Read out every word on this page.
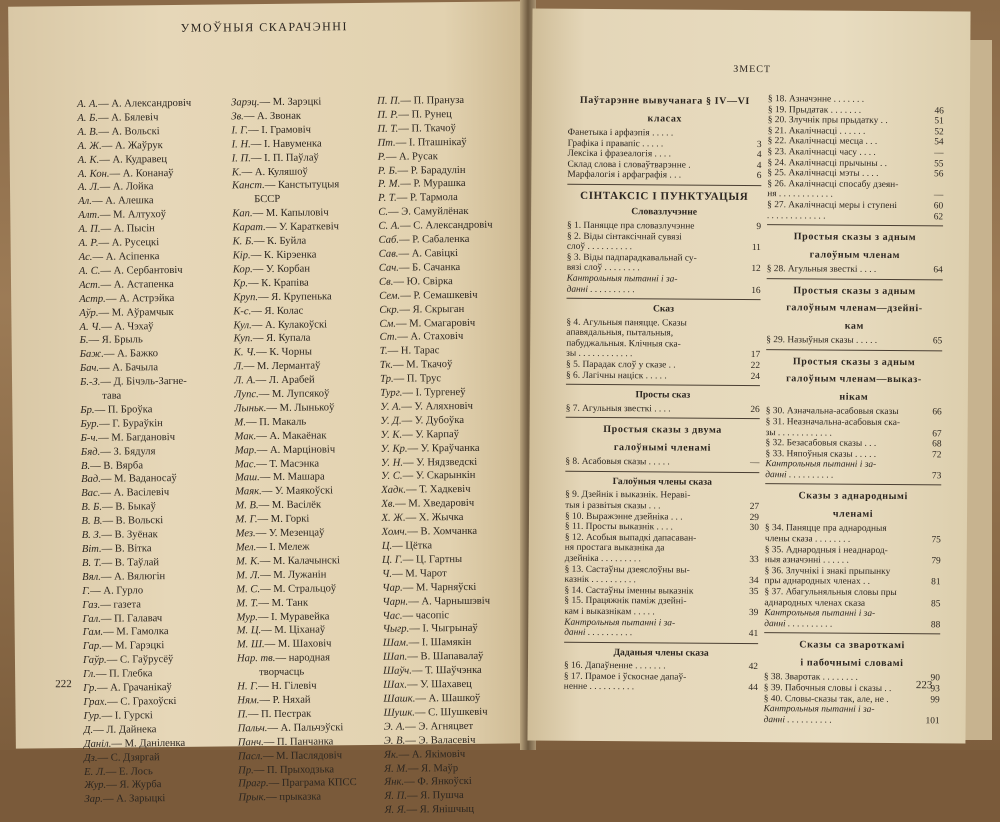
УМОЎНЫЯ СКАРАЧЭННІ
А. А.— А. Александровіч
А. Б.— А. Бялевіч
А. В.— А. Вольскі
А. Ж.— А. Жаўрук
А. К.— А. Кудравец
А. Кон.— А. Конанаў
А. Л.— А. Лойка
Ал.— А. Алешка
Алт.— М. Алтухоў
А. П.— А. Пысін
А. Р.— А. Русецкі
Ас.— А. Асіпенка
А. С.— А. Сербантовіч
Аст.— А. Астапенка
Астр.— А. Астрэйка
Аўр.— М. Аўрамчык
А. Ч.— А. Чэхаў
Б.— Я. Брыль
Баж.— А. Бажко
Бач.— А. Бачыла
Б.-З.— Д. Бічэль-Загне-
тава
Бр.— П. Броўка
Бур.— Г. Бураўкін
Б-ч.— М. Багдановіч
Бяд.— З. Бядуля
В.— В. Вярба
Вад.— М. Ваданосаў
Вас.— А. Васілевіч
В. Б.— В. Быкаў
В. В.— В. Вольскі
В. З.— В. Зуёнак
Віт.— В. Вітка
В. Т.— В. Таўлай
Вял.— А. Вялюгін
Г.— А. Гурло
Газ.— газета
Гал.— П. Галавач
Гам.— М. Гамолка
Гар.— М. Гарэцкі
Гаўр.— С. Гаўрусёў
Гл.— П. Глебка
Гр.— А. Грачанікаў
Грах.— С. Грахоўскі
Гур.— І. Гурскі
Д.— Л. Дайнека
Даніл.— М. Даніленка
Дз.— С. Дзяргай
Е. Л.— Е. Лось
Жур.— Я. Журба
Зар.— А. Зарыцкі
Зарэц.— М. Зарэцкі
Зв.— А. Звонак
І. Г.— І. Грамовіч
І. Н.— І. Навуменка
І. П.— І. П. Паўлаў
К.— А. Куляшоў
Канст.— Канстытуцыя
БССР
Кап.— М. Капыловіч
Карат.— У. Караткевіч
К. Б.— К. Буйла
Кір.— К. Кірэенка
Кор.— У. Корбан
Кр.— К. Крапіва
Круп.— Я. Крупенька
К-с.— Я. Колас
Кул.— А. Кулакоўскі
Куп.— Я. Купала
К. Ч.— К. Чорны
Л.— М. Лермантаў
Л. А.— Л. Арабей
Лупс.— М. Лупсякоў
Лыньк.— М. Лынькоў
М.— П. Макаль
Мак.— А. Макаёнак
Мар.— А. Марціновіч
Мас.— Т. Масэнка
Маш.— М. Машара
Маяк.— У. Маякоўскі
М. В.— М. Васілёк
М. Г.— М. Горкі
Мез.— У. Мезенцаў
Мел.— І. Мележ
М. К.— М. Калачынскі
М. Л.— М. Лужанін
М. С.— М. Стральцоў
М. Т.— М. Танк
Мур.— І. Муравейка
М. Ц.— М. Ціханаў
М. Ш.— М. Шаховіч
Нар. тв.— народная
творчасць
Н. Г.— Н. Гілевіч
Ням.— Р. Няхай
П.— П. Пестрак
Пальч.— А. Пальчэўскі
Панч.— П. Панчанка
Пасл.— М. Паслядовіч
Пр.— П. Прыходзька
Прагр.— Праграма КПСС
Прык.— прыказка
П. П.— П. Прануза
П. Р.— П. Рунец
П. Т.— П. Ткачоў
Пт.— І. Пташнікаў
Р.— А. Русак
Р. Б.— Р. Барадулін
Р. М.— Р. Мурашка
Р. Т.— Р. Тармола
С.— Э. Самуйлёнак
С. А.— С. Александровіч
Саб.— Р. Сабаленка
Сав.— А. Савіцкі
Сач.— Б. Сачанка
Св.— Ю. Свірка
Сем.— Р. Семашкевіч
Скр.— Я. Скрыган
См.— М. Смагаровіч
Ст.— А. Стаховіч
Т.— Н. Тарас
Тк.— М. Ткачоў
Тр.— П. Трус
Тург.— І. Тургенеў
У. А.— У. Аляхновіч
У. Д.— У. Дубоўка
У. К.— У. Карпаў
У. Кр.— У. Краўчанка
У. Н.— У. Нядзведскі
У. С.— У. Скарынкін
Хадк.— Т. Хадкевіч
Хв.— М. Хведаровіч
Х. Ж.— Х. Жычка
Хомч.— В. Хомчанка
Ц.— Цётка
Ц. Г.— Ц. Гартны
Ч.— М. Чарот
Чар.— М. Чарняўскі
Чарн.— А. Чарнышэвіч
Час.— часопіс
Чыгр.— І. Чыгрынаў
Шам.— І. Шамякін
Шап.— В. Шапавалаў
Шаўч.— Т. Шаўчэнка
Шах.— У. Шахавец
Шашк.— А. Шашкоў
Шушк.— С. Шушкевіч
Э. А.— Э. Агняцвет
Э. В.— Э. Валасевіч
Як.— А. Якімовіч
Я. М.— Я. Маўр
Янк.— Ф. Янкоўскі
Я. П.— Я. Пушча
Я. Я.— Я. Янішчыц
222
ЗМЕСТ
Паўтарэнне вывучанага § IV—VI
класах
Фанетыка і арфаэпія . . . . .
Графіка і правапіс . . . . .	3
Лексіка і фразеалогія . . . .	4
Склад слова і словаўтварэнне .	4
Марфалогія і арфаграфія . . .	6
СІНТАКСІС І ПУНКТУАЦЫЯ
Словазлучэнне
§ 1. Паняцце пра словазлучэнне	9
§ 2. Віды сінтаксічнай сувязі
слоў . . . . . . . . . .	11
§ 3. Віды падпарадкавальнай су-
вязі слоў . . . . . . . .	12
Кантрольныя пытанні і за-
данні . . . . . . . . . .	16
Сказ
§ 4. Агульныя паняцце. Сказы
апавядальныя, пытальныя,
пабуджальныя. Клічныя ска-
зы . . . . . . . . . . . .	17
§ 5. Парадак слоў у сказе . .	22
§ 6. Лагічны націск . . . . .	24
Просты сказ
§ 7. Агульныя звесткі . . . .	26
Простыя сказы з двума
галоўнымі членамі
§ 8. Асабовыя сказы . . . . .	—
Галоўныя члены сказа
§ 9. Дзейнік і выказнік. Нераві-
тыя і развітыя сказы . . .	27
§ 10. Выражэнне дзейніка . . .	29
§ 11. Просты выказнік . . . .	30
§ 12. Асобыя выпадкі дапасаван-
ня простага выказніка да
дзейніка . . . . . . . . .	33
§ 13. Састаўны дзеяслоўны вы-
казнік . . . . . . . . . .	34
§ 14. Састаўны іменны выказнік	35
§ 15. Працяжнік паміж дзейні-
кам і выказнікам . . . . .	39
Кантрольныя пытанні і за-
данні . . . . . . . . . .	41
Даданыя члены сказа
§ 16. Дапаўненне . . . . . . .	42
§ 17. Прамое і ўскоснае дапаў-
ненне . . . . . . . . . .	44
§ 18. Азначэнне . . . . . . .
§ 19. Прыдатак . . . . . . .	46
§ 20. Злучнік пры прыдатку . .	51
§ 21. Акалічнасці . . . . . .	52
§ 22. Акалічнасці месца . . .	54
§ 23. Акалічнасці часу . . . .	—
§ 24. Акалічнасці прычыны . .	55
§ 25. Акалічнасці мэты . . . .	56
§ 26. Акалічнасці спосабу дзеян-
ня . . . . . . . . . . . .	—
§ 27. Акалічнасці меры і ступені	60
. . . . . . . . . . . . .	62
Простыя сказы з адным
галоўным членам
§ 28. Агульныя звесткі . . . .	64
Простыя сказы з адным
галоўным членам—дзейні-
кам
§ 29. Назыўныя сказы . . . . .	65
Простыя сказы з адным
галоўным членам—выказ-
нікам
§ 30. Азначальна-асабовыя сказы	66
§ 31. Неазначальна-асабовыя ска-
зы . . . . . . . . . . . .	67
§ 32. Безасабовыя сказы . . .	68
§ 33. Няпоўныя сказы . . . . .	72
Кантрольныя пытанні і за-
данні . . . . . . . . . .	73
Сказы з аднароднымі
членамі
§ 34. Паняцце пра аднародныя
члены сказа . . . . . . . .	75
§ 35. Аднародныя і неаднарод-
ныя азначэнні . . . . . .	79
§ 36. Злучнікі і знакі прыпынку
пры аднародных членах . .	81
§ 37. Абагульняльныя словы пры
аднародных членах сказа	85
Кантрольныя пытанні і за-
данні . . . . . . . . . .	88
Сказы са звароткамі
і пабочнымі словамі
§ 38. Зваротак . . . . . . . .	90
§ 39. Пабочныя словы і сказы . .	93
§ 40. Словы-сказы так, але, не .	99
Кантрольныя пытанні і за-
данні . . . . . . . . . .	101
223
